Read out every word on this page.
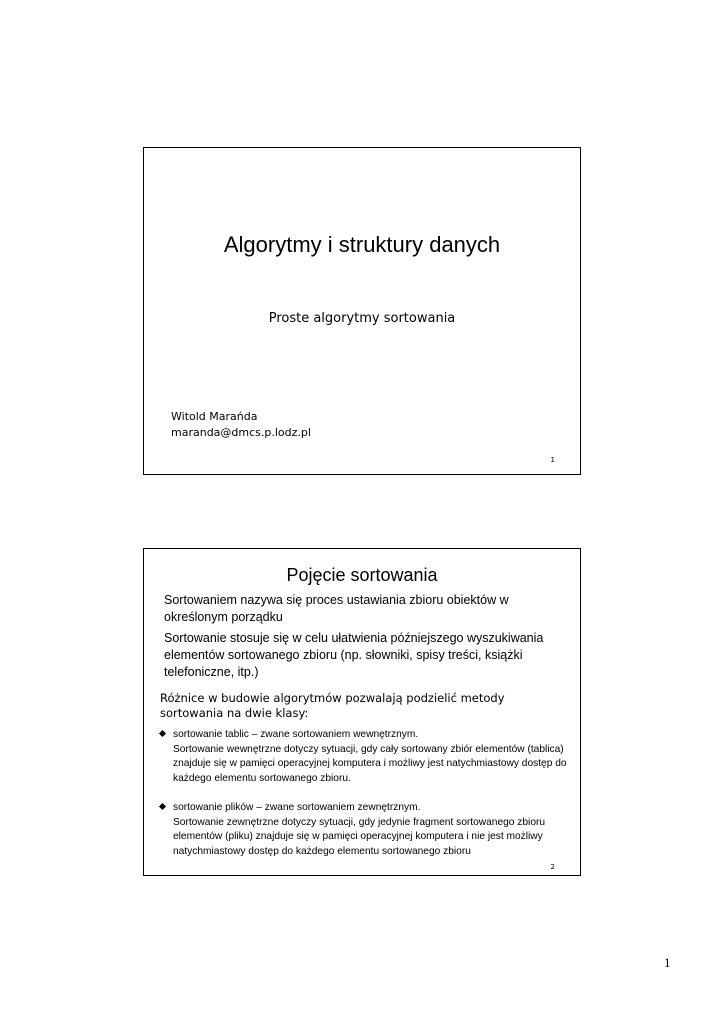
Algorytmy i struktury danych
Proste algorytmy sortowania
Witold Marańda
maranda@dmcs.p.lodz.pl
1
Pojęcie sortowania
Sortowaniem nazywa się proces ustawiania zbioru obiektów w określonym porządku
Sortowanie stosuje się w celu ułatwienia późniejszego wyszukiwania elementów sortowanego zbioru (np. słowniki, spisy treści, książki telefoniczne, itp.)
Różnice w budowie algorytmów pozwalają podzielić metody sortowania na dwie klasy:
sortowanie tablic – zwane sortowaniem wewnętrznym.
Sortowanie wewnętrzne dotyczy sytuacji, gdy cały sortowany zbiór elementów (tablica) znajduje się w pamięci operacyjnej komputera i możliwy jest natychmiastowy dostęp do każdego elementu sortowanego zbioru.
sortowanie plików – zwane sortowaniem zewnętrznym.
Sortowanie zewnętrzne dotyczy sytuacji, gdy jedynie fragment sortowanego zbioru elementów (pliku) znajduje się w pamięci operacyjnej komputera i nie jest możliwy natychmiastowy dostęp do każdego elementu sortowanego zbioru
2
1
